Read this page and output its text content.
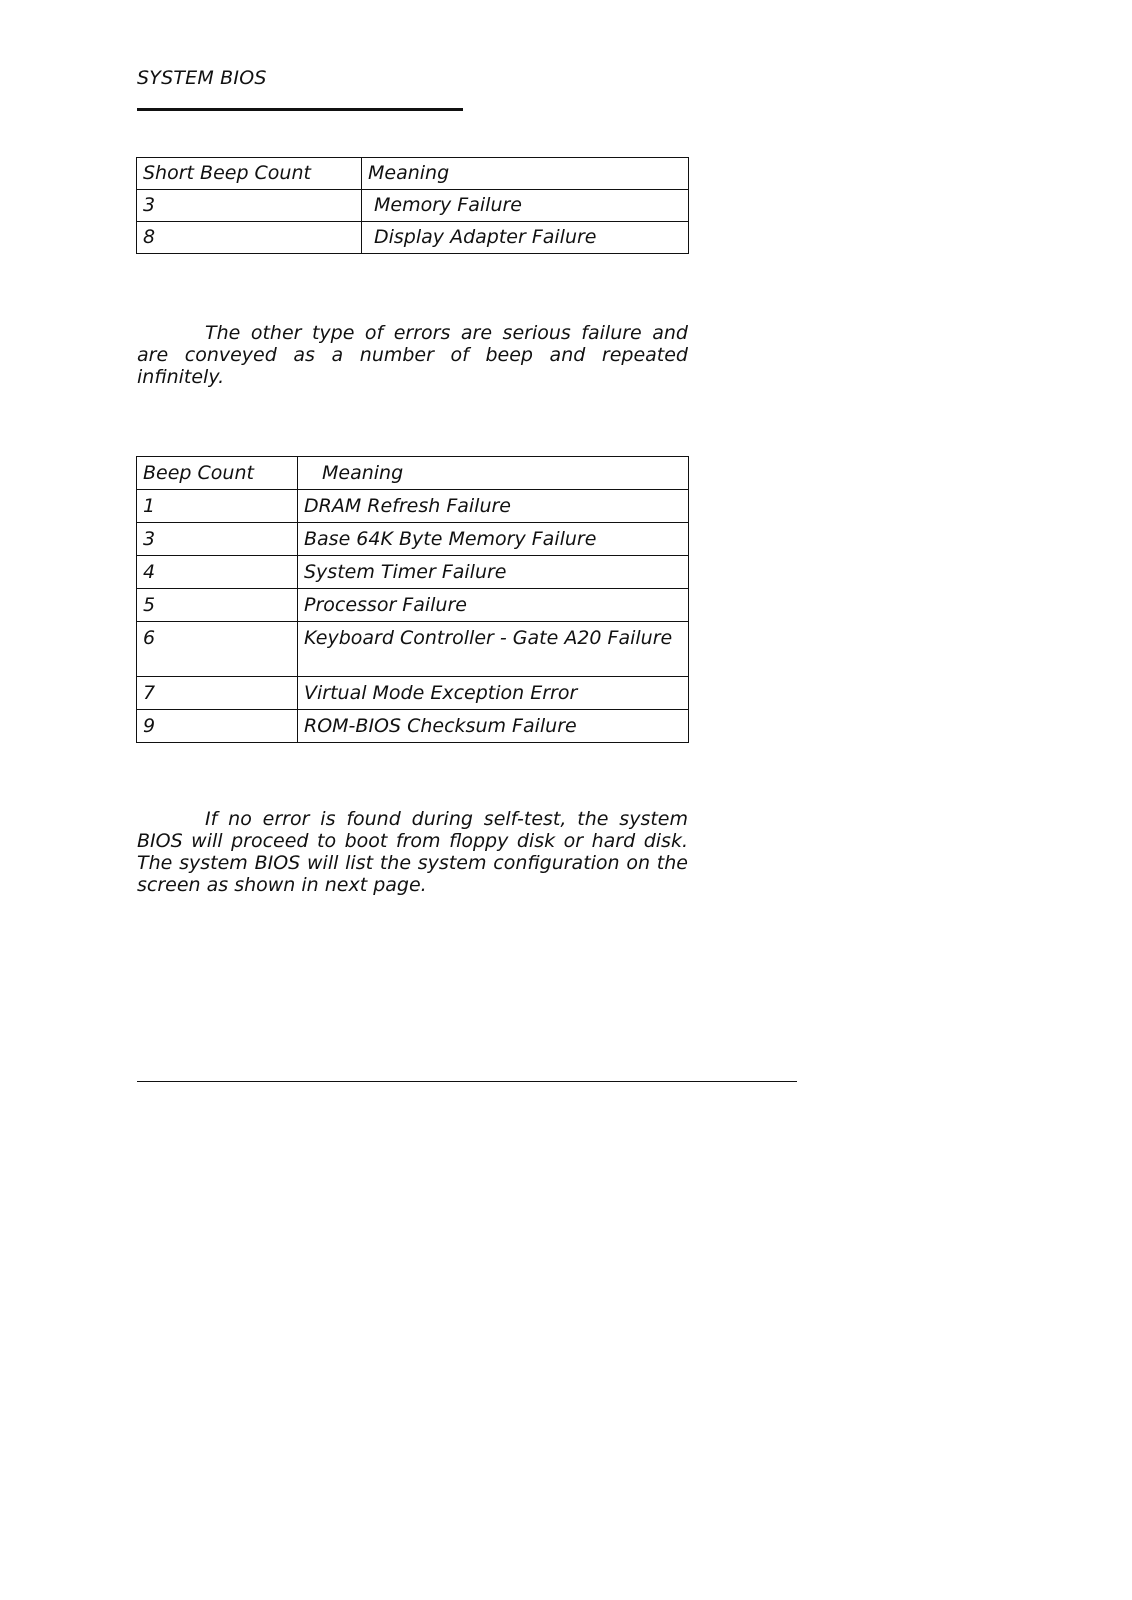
SYSTEM BIOS
Short Beep Count	Meaning
3	Memory Failure
8	Display Adapter Failure

The other type of errors are serious failure and are conveyed as a number of beep and repeated infinitely.

Beep Count	Meaning
1	DRAM Refresh Failure
3	Base 64K Byte Memory Failure
4	System Timer Failure
5	Processor Failure
6	Keyboard Controller - Gate A20 Failure
7	Virtual Mode Exception Error
9	ROM-BIOS Checksum Failure

If no error is found during self-test, the system BIOS will proceed to boot from floppy disk or hard disk. The system BIOS will list the system configuration on the screen as shown in next page.
